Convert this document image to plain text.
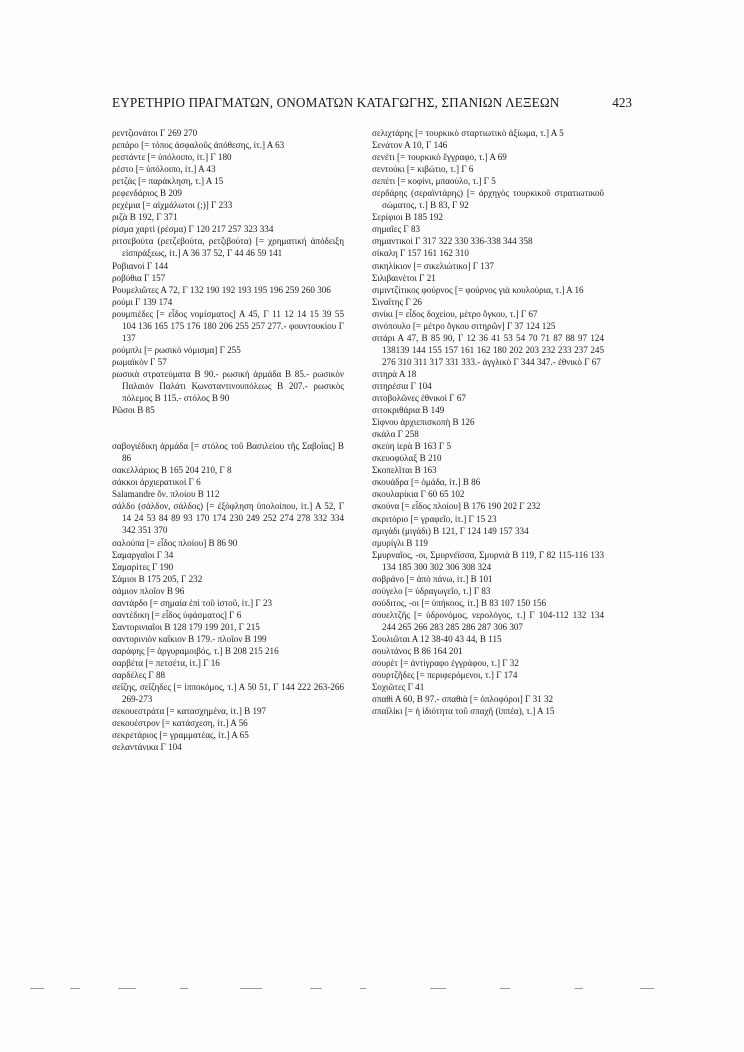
ΕΥΡΕΤΗΡΙΟ ΠΡΑΓΜΑΤΩΝ, ΟΝΟΜΑΤΩΝ ΚΑΤΑΓΩΓΗΣ, ΣΠΑΝΙΩΝ ΛΕΞΕΩΝ	423
ρεντζιονάτοι Γ 269 270
ρεπάρο [= τόπος ἀσφαλοῦς ἀπόθεσης, ἰτ.] Α 63
ρεστάντε [= ὑπόλοιπο, ἰτ.] Γ 180
ρέστο [= ὑπόλοιπο, ἰτ.] Α 43
ρετζάς [= παράκληση, τ.] Α 15
ρεφενδάριος Β 209
ρεχέμια [= αἰχμάλωτοι (;)] Γ 233
ριζὰ Β 192, Γ 371
ρίσμα χαρτὶ (ρέσμα) Γ 120 217 257 323 334
ριτσεβούτα (ρετζεβούτα, ρετζιβούτα) [= χρηματική ἀπόδειξη εἰσπράξεως, ἰτ.] Α 36 37 52, Γ 44 46 59 141
Ροβιανοὶ Γ 144
ροβύθια Γ 157
Ρουμελιῶτες Α 72, Γ 132 190 192 193 195 196 259 260 306
ρούμι Γ 139 174
ρουμπιέδες [= εἶδος νομίσματος] Α 45, Γ 11 12 14 15 39 55 104 136 165 175 176 180 206 255 257 277.- φουντουκίου Γ 137
ρούμπλι [= ρωσικὸ νόμισμα] Γ 255
ρωμαϊκὸν Γ 57
ρωσικὰ στρατεύματα Β 90.- ρωσικὴ ἀρμάδα Β 85.- ρωσικὸν Παλαιὸν Παλάτι Κωνσταντινουπόλεως Β 207.- ρωσικὸς πόλεμος Β 115.- στόλος Β 90
Ρῶσοι Β 85
σαβογιέδικη ἀρμάδα [= στόλος τοῦ Βασιλείου τῆς Σαβοΐας] Β 86
σακελλάριος Β 165 204 210, Γ 8
σάκκοι ἀρχιερατικοὶ Γ 6
Salamandre ὄν. πλοίου Β 112
σάλδο (σάλδον, σάλδος) [= ἐξόφληση ὑπολοίπου, ἰτ.] Α 52, Γ 14 24 53 84 89 93 170 174 230 249 252 274 278 332 334 342 351 370
σαλούπα [= εἶδος πλοίου] Β 86 90
Σαμαργαῖοι Γ 34
Σαμαρίτες Γ 190
Σάμιοι Β 175 205, Γ 232
σάμιον πλοῖον Β 96
σαντάρδο [= σημαία ἐπὶ τοῦ ἱστοῦ, ἰτ.] Γ 23
σαντέδικη [= εἶδος ὑφάσματος] Γ 6
Σαντορινιαῖοι Β 128 179 199 201, Γ 215
σαντορινιὸν καΐκιον Β 179.- πλοῖον Β 199
σαράφης [= ἀργυραμοιβός, τ.] Β 208 215 216
σαρβέτα [= πετσέτα, ἰτ.] Γ 16
σαρδέλες Γ 88
σεΐζης, σεΐζηδες [= ἱπποκόμος, τ.] Α 50 51, Γ 144 222 263-266 269-273
σεκουεστράτα [= κατασχημένα, ἰτ.] Β 197
σεκουέστρον [= κατάσχεση, ἰτ.] Α 56
σεκρετάριος [= γραμματέας, ἰτ.] Α 65
σελαντάνικα Γ 104
σελιχτάρης [= τουρκικὸ σταρτιωτικὸ ἀξίωμα, τ.] Α 5
Σενάτον Α 10, Γ 146
σενέτι [= τουρκικὸ ἔγγραφο, τ.] Α 69
σεντούκι [= κιβώτιο, τ.] Γ 6
σεπέτι [= κοφίνι, μπαούλο, τ.] Γ 5
σερδάρης (σεραϊντάρης) [= ἀρχηγὸς τουρκικοῦ στρατιωτικοῦ σώματος, τ.] Β 83, Γ 92
Σερίφιοι Β 185 192
σημαῖες Γ 83
σημαντικοὶ Γ 317 322 330 336-338 344 358
σίκαλη Γ 157 161 162 310
σικηλίκιον [= σικελιώτικο] Γ 137
Σιλιβαινέτοι Γ 21
σιμιντζίτικος φούρνος [= φούρνος γιὰ κουλούρια, τ.] Α 16
Σιναΐτης Γ 26
σινίκι [= εἶδος δοχείου, μέτρο ὄγκου, τ.] Γ 67
σινόπουλο [= μέτρο ὄγκου σιτηρῶν] Γ 37 124 125
σιτάρι Α 47, Β 85 90, Γ 12 36 41 53 54 70 71 87 88 97 124 138139 144 155 157 161 162 180 202 203 232 233 237 245 276 310 311 317 331 333.- ἀγγλικὸ Γ 344 347.- ἐθνικὸ Γ 67
σιτηρὰ Α 18
σιτηρέσια Γ 104
σιτοβολῶνες ἐθνικοὶ Γ 67
σιτοκριθάρια Β 149
Σίφνου ἀρχιεπισκοπὴ Β 126
σκάλα Γ 258
σκεύη ἱερὰ Β 163 Γ 5
σκευοφύλαξ Β 210
Σκοπελῖται Β 163
σκουάδρα [= ὁμάδα, ἰτ.] Β 86
σκουλαρίκια Γ 60 65 102
σκούνα [= εἶδος πλοίου] Β 176 190 202 Γ 232
σκριτόριο [= γραφεῖο, ἰτ.] Γ 15 23
σμιγάδι (μιγάδι) Β 121, Γ 124 149 157 334
σμυρίγλι Β 119
Σμυρναῖος, -οι, Σμυρνέϊσσα, Σμυρνιὰ Β 119, Γ 82 115-116 133 134 185 300 302 306 308 324
σοβράνο [= ἀπὸ πάνω, ἰτ.] Β 101
σούγελο [= ὑδραγωγεῖο, τ.] Γ 83
σούδιτος, -οι [= ὑπήκοος, ἰτ.] Β 83 107 150 156
σουελτζῆς [= ὑδρονόμος, νερολόγος, τ.] Γ 104-112 132 134 244 265 266 283 285 286 287 306 307
Σουλιῶται Α 12 38-40 43 44, Β 115
σουλτάνος Β 86 164 201
σουρὲτ [= ἀντίγραφο ἐγγράφου, τ.] Γ 32
σουρτζῆδες [= περιφερόμενοι, τ.] Γ 174
Σοχιῶτες Γ 41
σπαθὶ Α 60, Β 97.- σπαθιὰ [= ὁπλοφόροι] Γ 31 32
σπαΐλίκι [= ἡ ἰδιότητα τοῦ σπαχῆ (ἱππέα), τ.] Α 15
